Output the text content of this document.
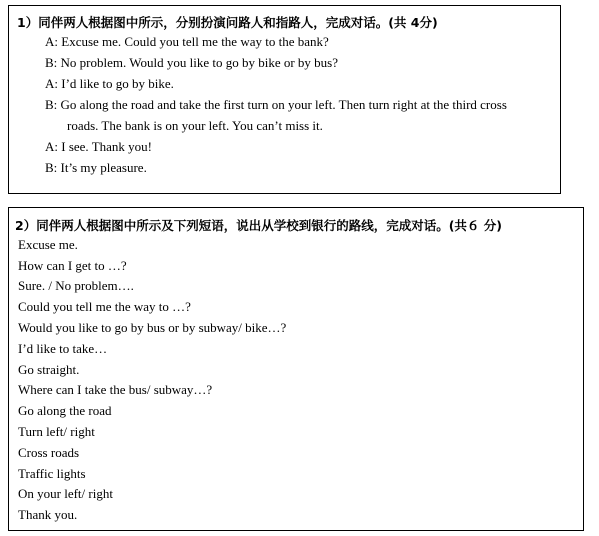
1）同伴两人根据图中所示，分别扮演问路人和指路人，完成对话。(共 4分)
A: Excuse me. Could you tell me the way to the bank?
B: No problem. Would you like to go by bike or by bus?
A: I’d like to go by bike.
B: Go along the road and take the first turn on your left. Then turn right at the third cross
roads. The bank is on your left. You can’t miss it.
A: I see. Thank you!
B: It’s my pleasure.
2）同伴两人根据图中所示及下列短语，说出从学校到银行的路线，完成对话。(共６ 分)
Excuse me.
How can I get to …?
Sure. / No problem….
Could you tell me the way to …?
Would you like to go by bus or by subway/ bike…?
I’d like to take…
Go straight.
Where can I take the bus/ subway…?
Go along the road
Turn left/ right
Cross roads
Traffic lights
On your left/ right
Thank you.
